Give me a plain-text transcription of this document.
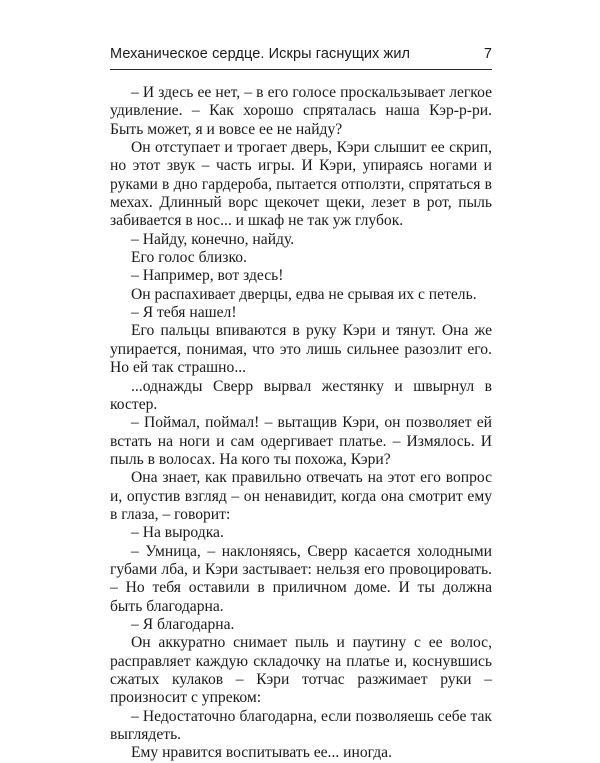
Механическое сердце. Искры гаснущих жил	7

– И здесь ее нет, – в его голосе проскальзывает легкое удивление. – Как хорошо спряталась наша Кэр-р-ри. Быть может, я и вовсе ее не найду?

Он отступает и трогает дверь, Кэри слышит ее скрип, но этот звук – часть игры. И Кэри, упираясь ногами и руками в дно гардероба, пытается отползти, спрятаться в мехах. Длинный ворс щекочет щеки, лезет в рот, пыль забивается в нос... и шкаф не так уж глубок.

– Найду, конечно, найду.

Его голос близко.

– Например, вот здесь!

Он распахивает дверцы, едва не срывая их с петель.

– Я тебя нашел!

Его пальцы впиваются в руку Кэри и тянут. Она же упирается, понимая, что это лишь сильнее разозлит его. Но ей так страшно...

...однажды Сверр вырвал жестянку и швырнул в костер.

– Поймал, поймал! – вытащив Кэри, он позволяет ей встать на ноги и сам одергивает платье. – Измялось. И пыль в волосах. На кого ты похожа, Кэри?

Она знает, как правильно отвечать на этот его вопрос и, опустив взгляд – он ненавидит, когда она смотрит ему в глаза, – говорит:

– На выродка.

– Умница, – наклоняясь, Сверр касается холодными губами лба, и Кэри застывает: нельзя его провоцировать. – Но тебя оставили в приличном доме. И ты должна быть благодарна.

– Я благодарна.

Он аккуратно снимает пыль и паутину с ее волос, расправляет каждую складочку на платье и, коснувшись сжатых кулаков – Кэри тотчас разжимает руки – произносит с упреком:

– Недостаточно благодарна, если позволяешь себе так выглядеть.

Ему нравится воспитывать ее... иногда.
